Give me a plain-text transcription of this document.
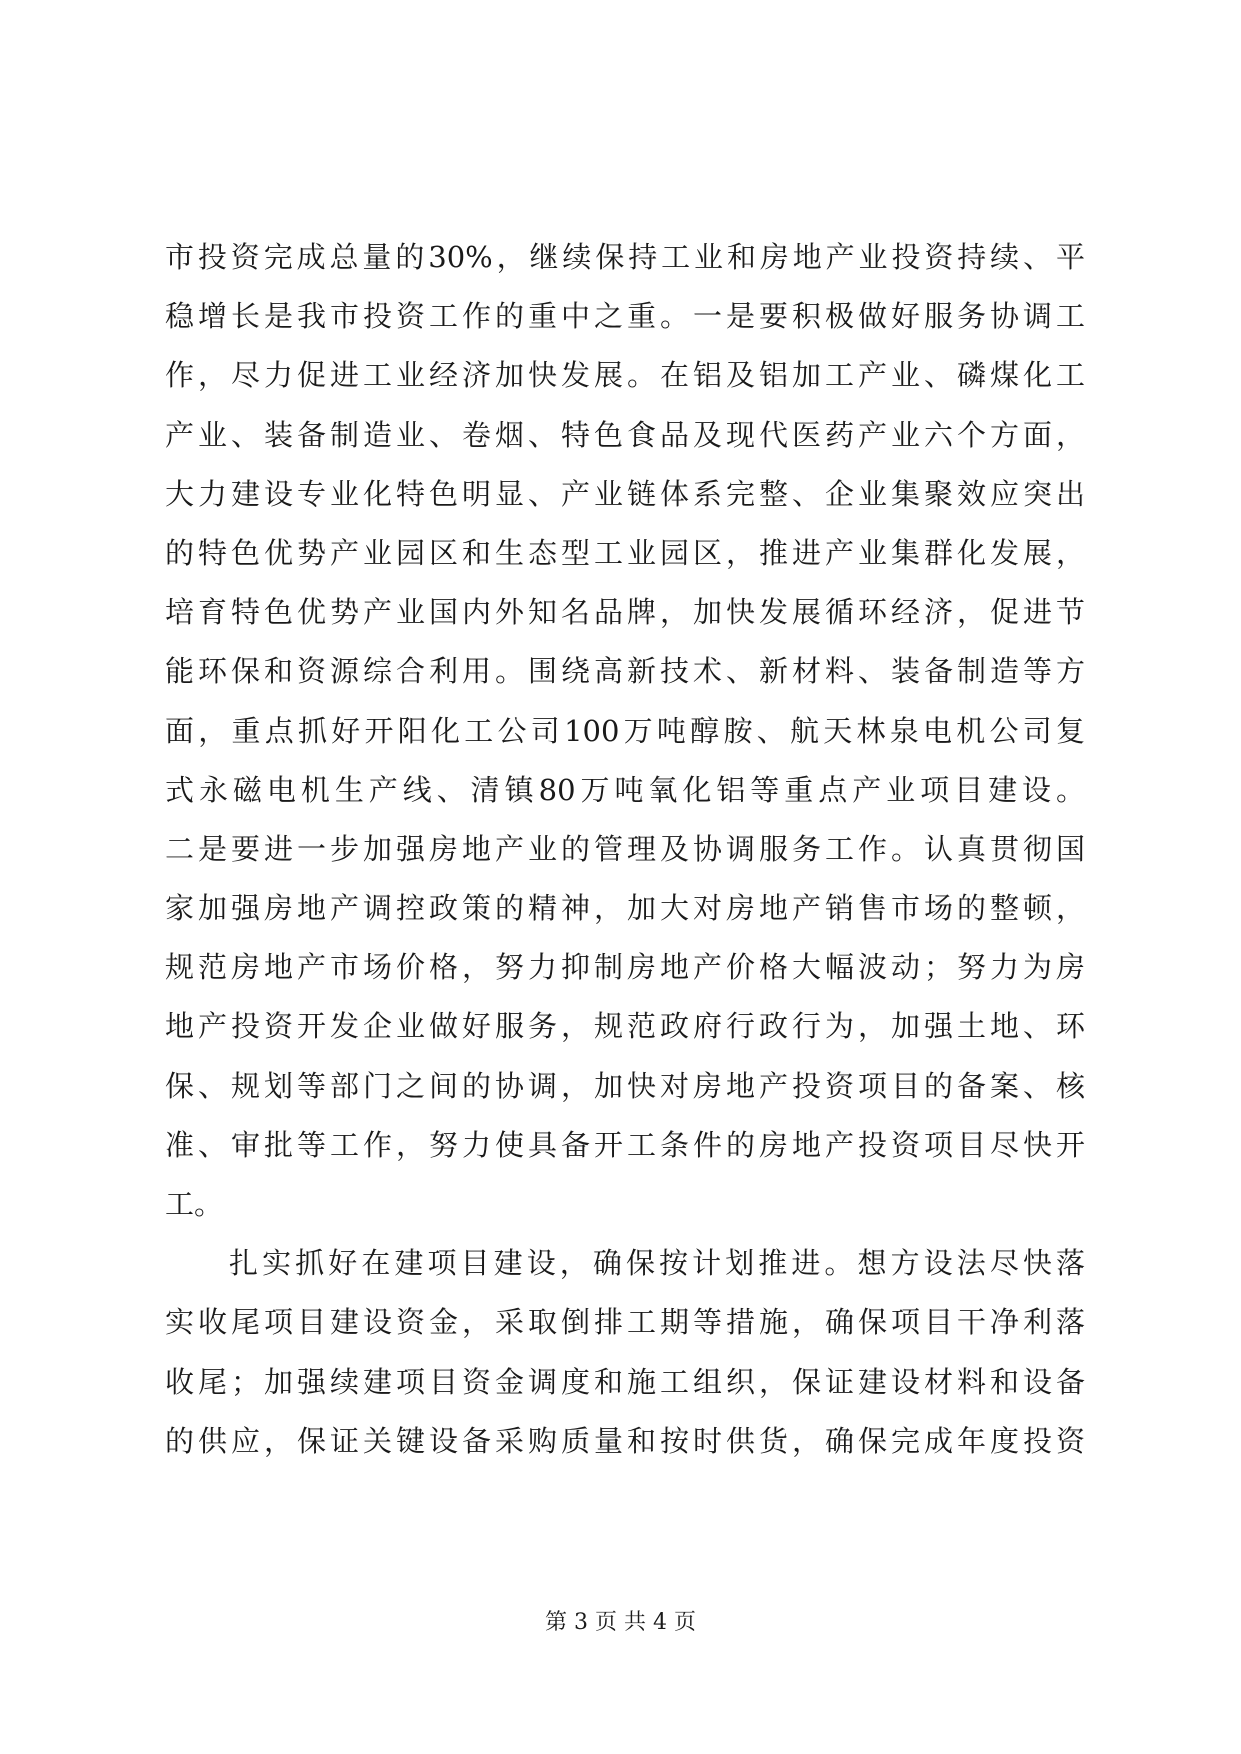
市投资完成总量的30%，继续保持工业和房地产业投资持续、平
稳增长是我市投资工作的重中之重。一是要积极做好服务协调工
作，尽力促进工业经济加快发展。在铝及铝加工产业、磷煤化工
产业、装备制造业、卷烟、特色食品及现代医药产业六个方面，
大力建设专业化特色明显、产业链体系完整、企业集聚效应突出
的特色优势产业园区和生态型工业园区，推进产业集群化发展，
培育特色优势产业国内外知名品牌，加快发展循环经济，促进节
能环保和资源综合利用。围绕高新技术、新材料、装备制造等方
面，重点抓好开阳化工公司100万吨醇胺、航天林泉电机公司复
式永磁电机生产线、清镇80万吨氧化铝等重点产业项目建设。
二是要进一步加强房地产业的管理及协调服务工作。认真贯彻国
家加强房地产调控政策的精神，加大对房地产销售市场的整顿，
规范房地产市场价格，努力抑制房地产价格大幅波动；努力为房
地产投资开发企业做好服务，规范政府行政行为，加强土地、环
保、规划等部门之间的协调，加快对房地产投资项目的备案、核
准、审批等工作，努力使具备开工条件的房地产投资项目尽快开
工。
扎实抓好在建项目建设，确保按计划推进。想方设法尽快落
实收尾项目建设资金，采取倒排工期等措施，确保项目干净利落
收尾；加强续建项目资金调度和施工组织，保证建设材料和设备
的供应，保证关键设备采购质量和按时供货，确保完成年度投资
第 3 页 共 4 页
